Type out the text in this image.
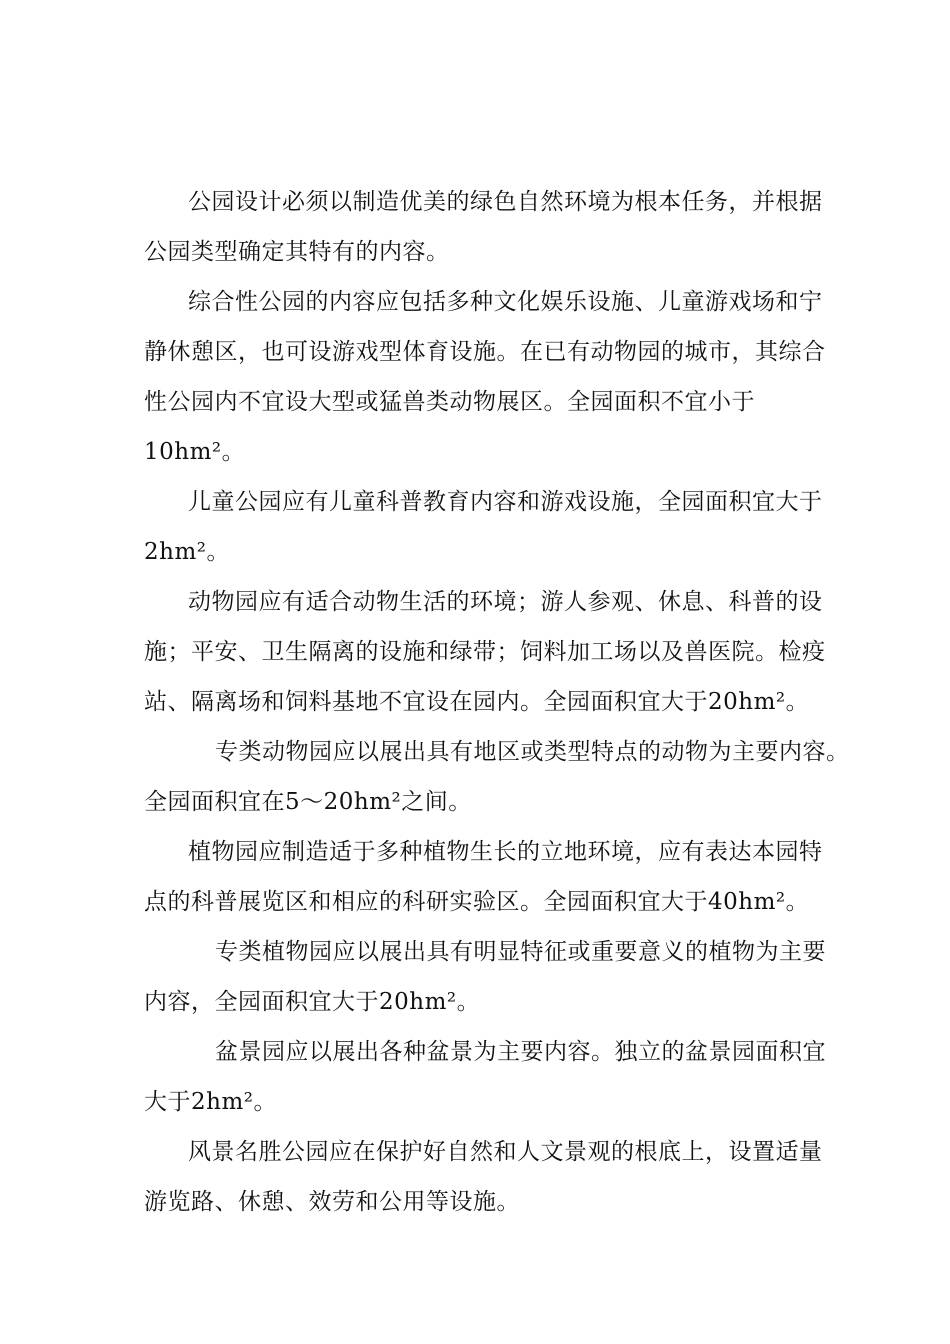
公园设计必须以制造优美的绿色自然环境为根本任务，并根据
公园类型确定其特有的内容。
综合性公园的内容应包括多种文化娱乐设施、儿童游戏场和宁
静休憩区，也可设游戏型体育设施。在已有动物园的城市，其综合
性公园内不宜设大型或猛兽类动物展区。全园面积不宜小于
10hm²。
儿童公园应有儿童科普教育内容和游戏设施，全园面积宜大于
2hm²。
动物园应有适合动物生活的环境；游人参观、休息、科普的设
施；平安、卫生隔离的设施和绿带；饲料加工场以及兽医院。检疫
站、隔离场和饲料基地不宜设在园内。全园面积宜大于20hm²。
专类动物园应以展出具有地区或类型特点的动物为主要内容。
全园面积宜在5～20hm²之间。
植物园应制造适于多种植物生长的立地环境，应有表达本园特
点的科普展览区和相应的科研实验区。全园面积宜大于40hm²。
专类植物园应以展出具有明显特征或重要意义的植物为主要
内容，全园面积宜大于20hm²。
盆景园应以展出各种盆景为主要内容。独立的盆景园面积宜
大于2hm²。
风景名胜公园应在保护好自然和人文景观的根底上，设置适量
游览路、休憩、效劳和公用等设施。
